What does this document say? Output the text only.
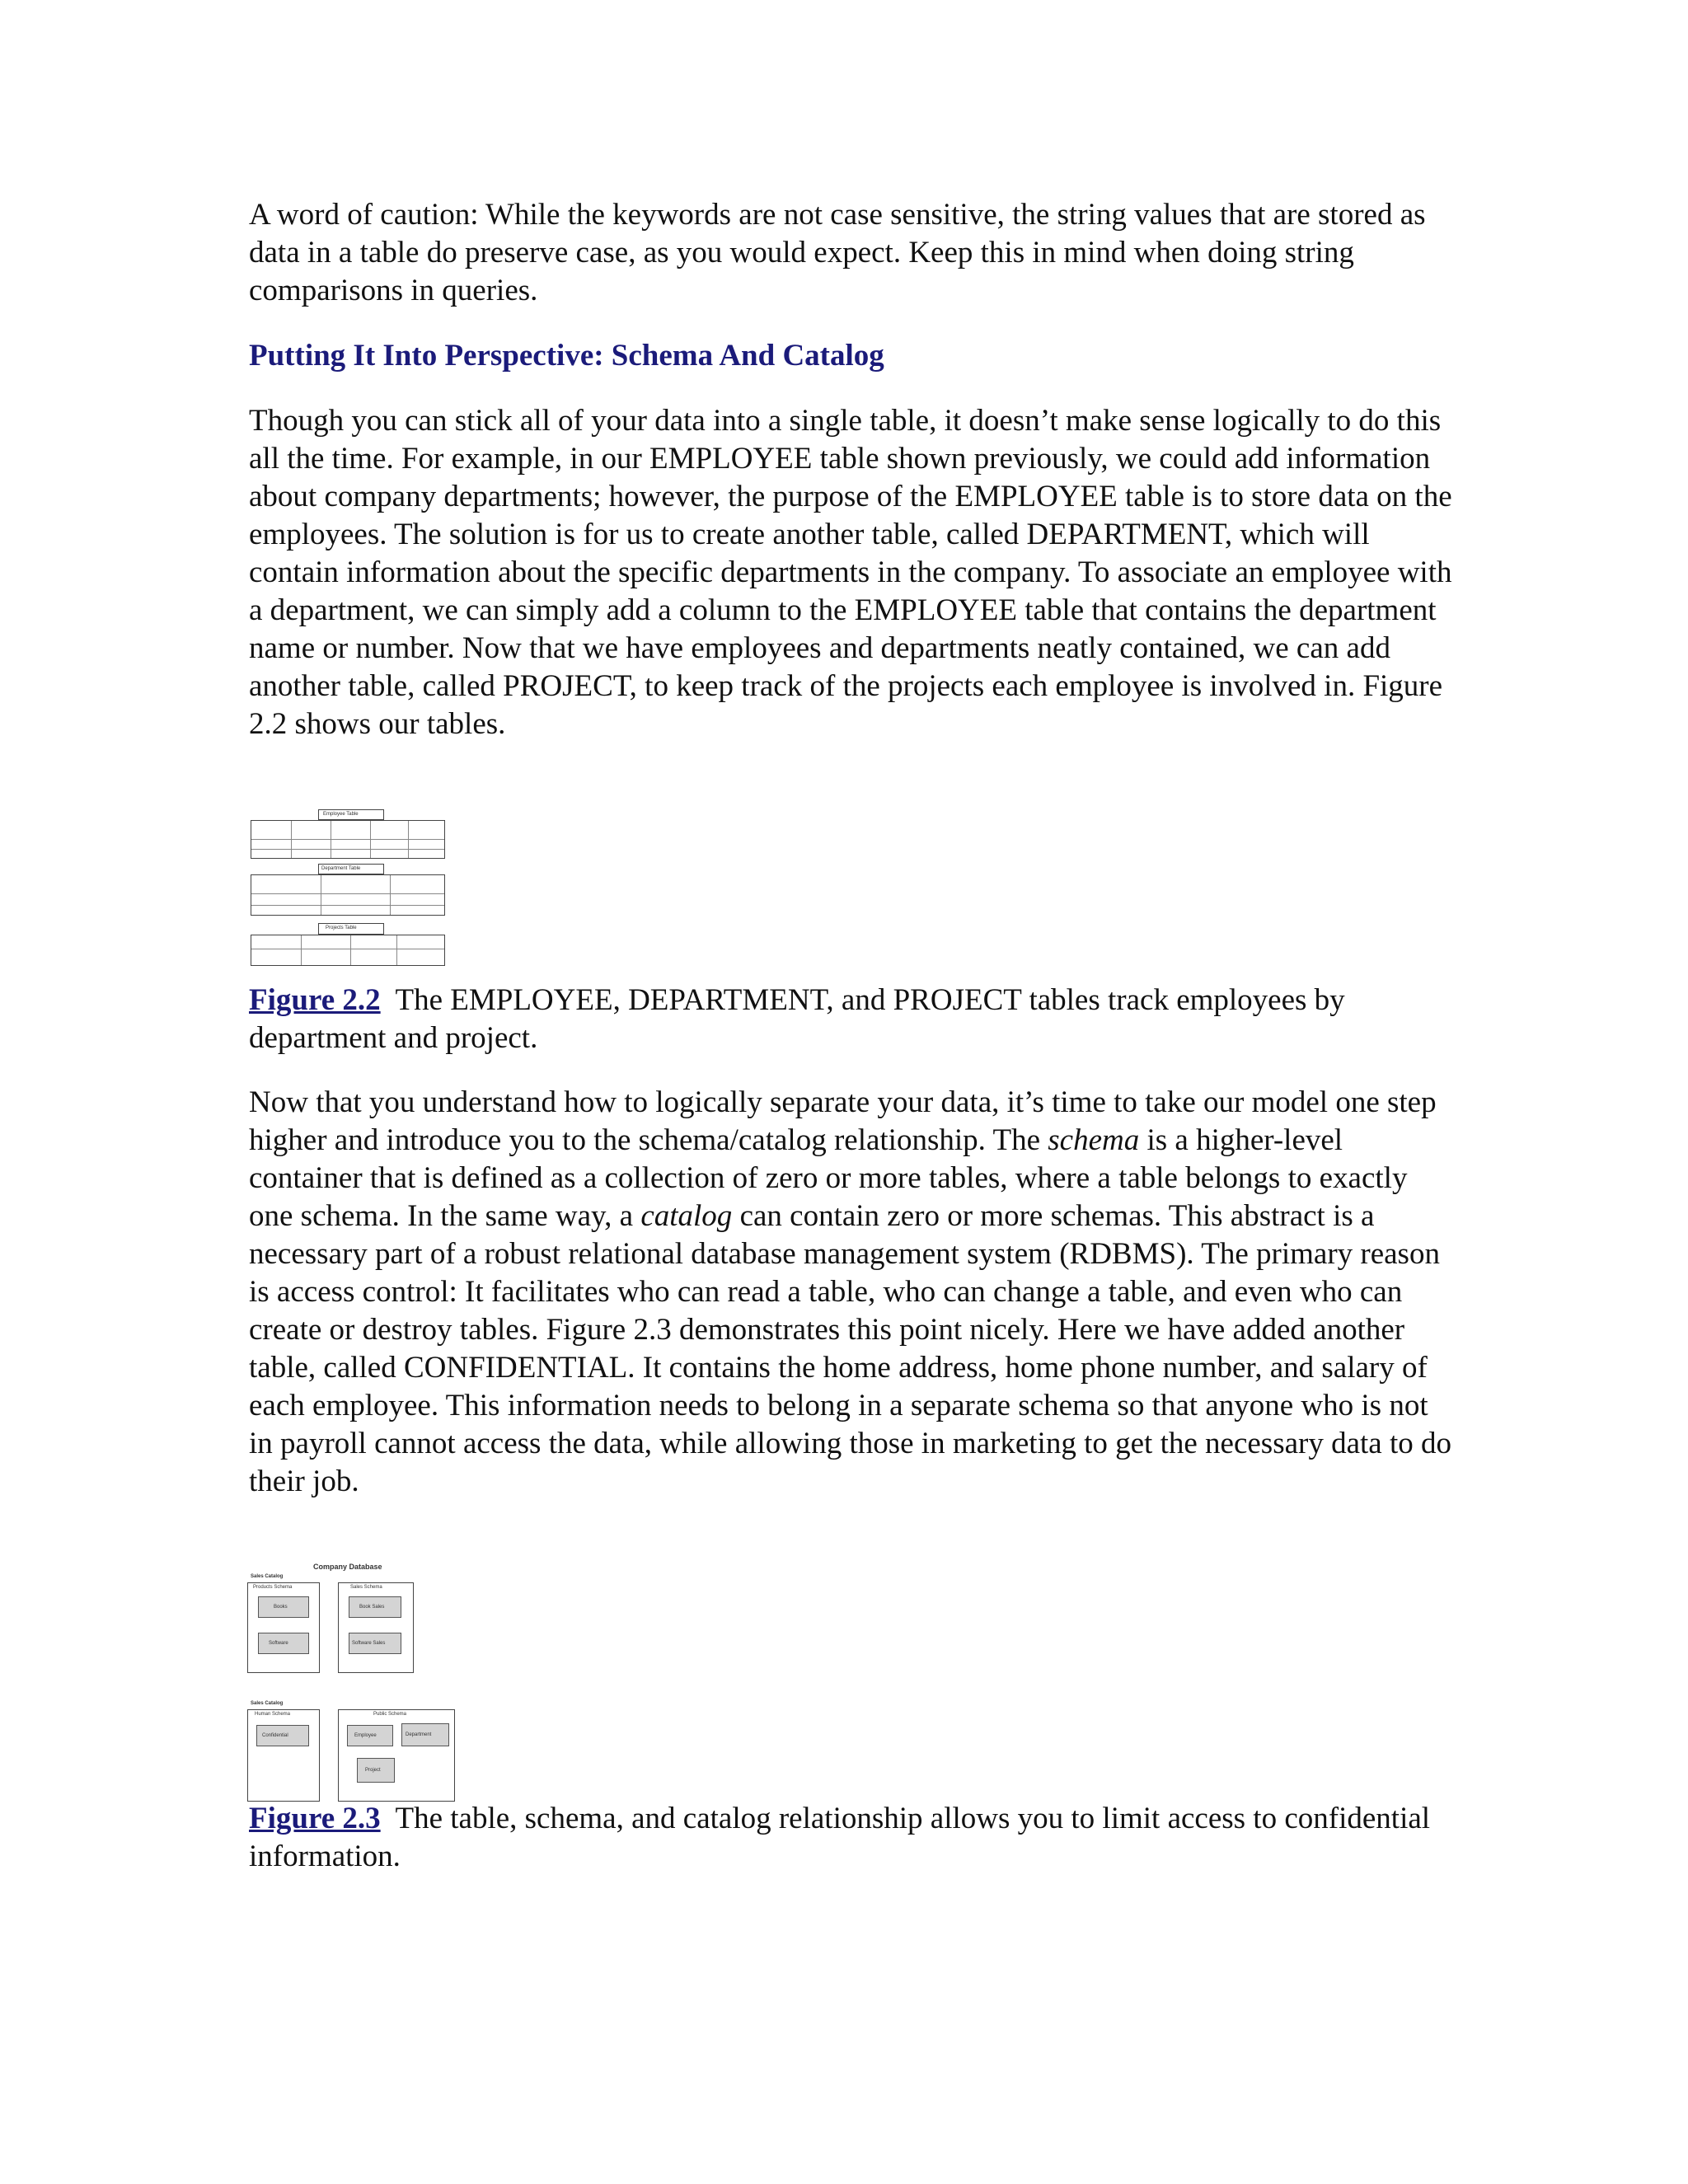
A word of caution: While the keywords are not case sensitive, the string values that are stored as data in a table do preserve case, as you would expect. Keep this in mind when doing string comparisons in queries.

Putting It Into Perspective: Schema And Catalog

Though you can stick all of your data into a single table, it doesn’t make sense logically to do this all the time. For example, in our EMPLOYEE table shown previously, we could add information about company departments; however, the purpose of the EMPLOYEE table is to store data on the employees. The solution is for us to create another table, called DEPARTMENT, which will contain information about the specific departments in the company. To associate an employee with a department, we can simply add a column to the EMPLOYEE table that contains the department name or number. Now that we have employees and departments neatly contained, we can add another table, called PROJECT, to keep track of the projects each employee is involved in. Figure 2.2 shows our tables.

Employee Table
Department Table
Projects Table

Figure 2.2 The EMPLOYEE, DEPARTMENT, and PROJECT tables track employees by department and project.

Now that you understand how to logically separate your data, it’s time to take our model one step higher and introduce you to the schema/catalog relationship. The schema is a higher-level container that is defined as a collection of zero or more tables, where a table belongs to exactly one schema. In the same way, a catalog can contain zero or more schemas. This abstract is a necessary part of a robust relational database management system (RDBMS). The primary reason is access control: It facilitates who can read a table, who can change a table, and even who can create or destroy tables. Figure 2.3 demonstrates this point nicely. Here we have added another table, called CONFIDENTIAL. It contains the home address, home phone number, and salary of each employee. This information needs to belong in a separate schema so that anyone who is not in payroll cannot access the data, while allowing those in marketing to get the necessary data to do their job.

Company Database
Sales Catalog
Products Schema
Books
Software
Sales Schema
Book Sales
Software Sales
Sales Catalog
Human Schema
Confidential
Public Schema
Employee	Department
Project

Figure 2.3 The table, schema, and catalog relationship allows you to limit access to confidential information.
